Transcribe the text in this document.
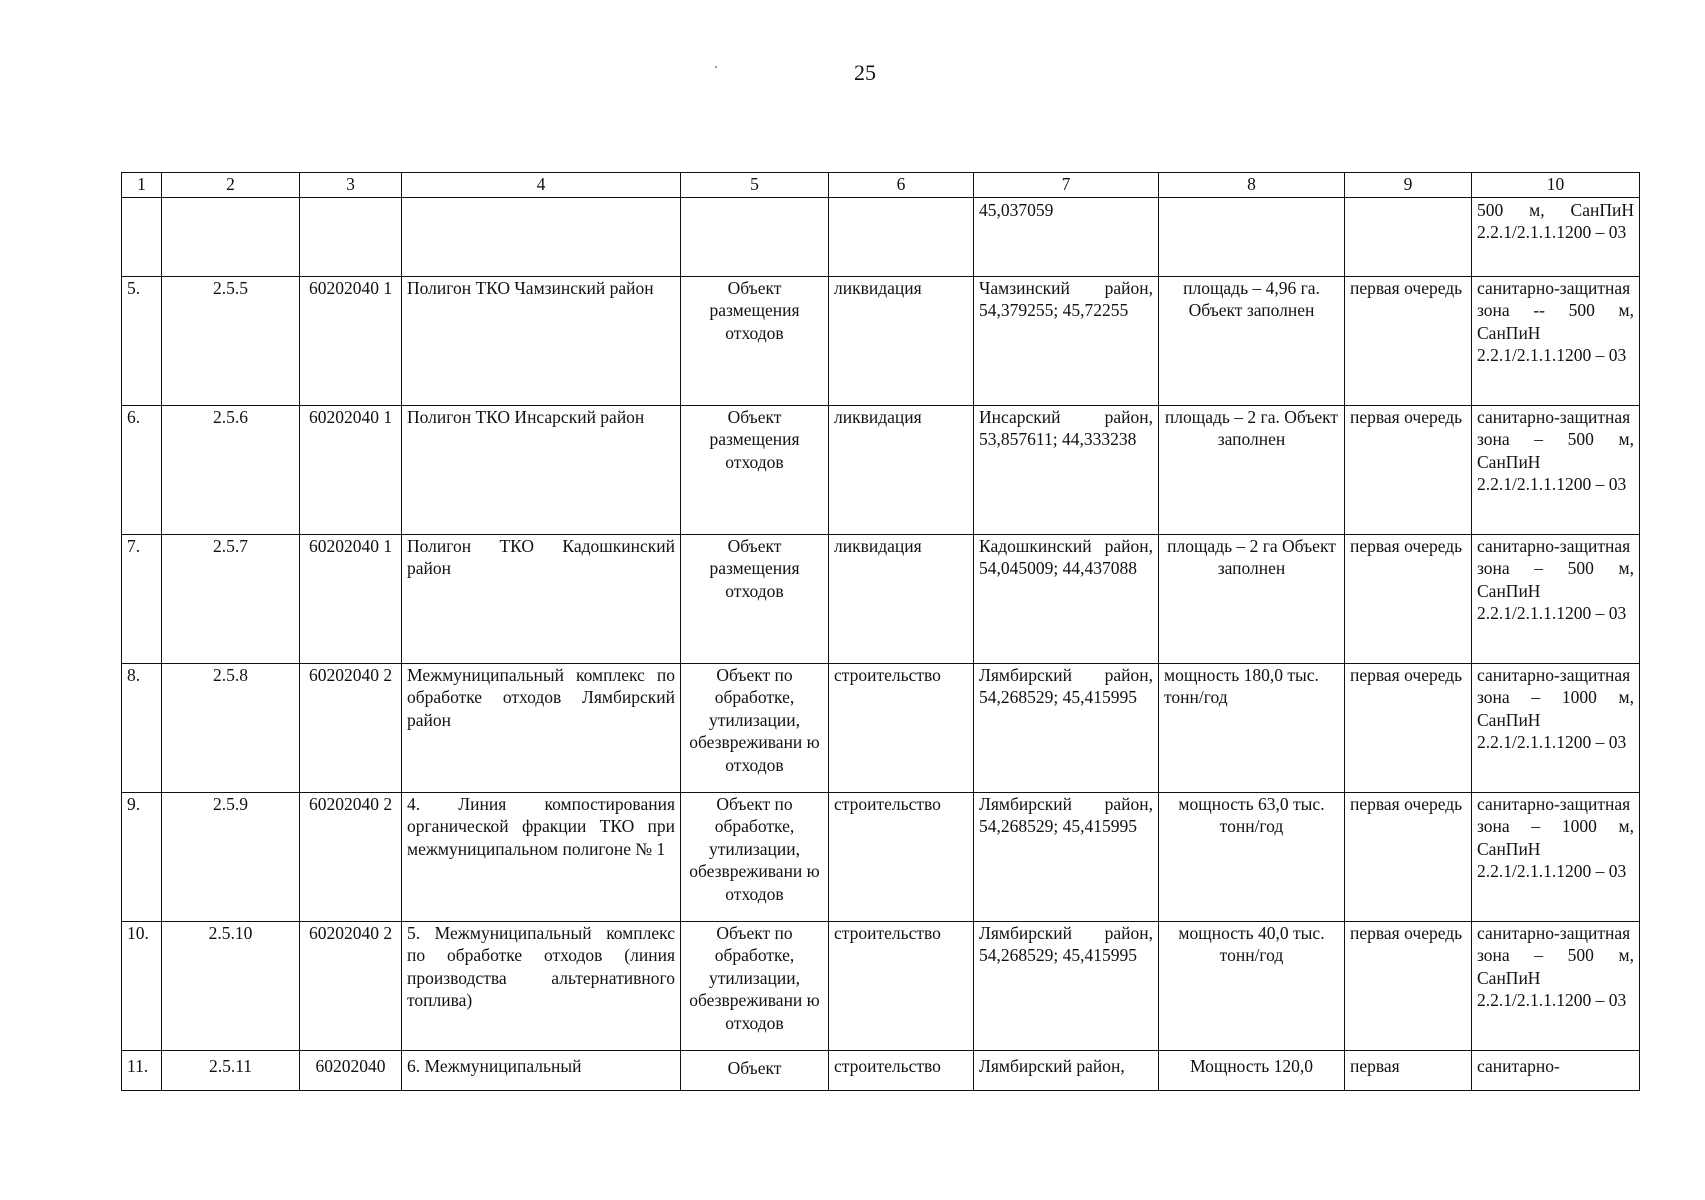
25
1	2	3	4	5	6	7	8	9	10
						45,037059			500 м, СанПиН 2.2.1/2.1.1.1200 – 03
5.	2.5.5	60202040 1	Полигон ТКО Чамзинский район	Объект размещения отходов	ликвидация	Чамзинский район, 54,379255; 45,72255	площадь – 4,96 га. Объект заполнен	первая очередь	санитарно-защитная зона -- 500 м, СанПиН 2.2.1/2.1.1.1200 – 03
6.	2.5.6	60202040 1	Полигон ТКО Инсарский район	Объект размещения отходов	ликвидация	Инсарский район, 53,857611; 44,333238	площадь – 2 га. Объект заполнен	первая очередь	санитарно-защитная зона – 500 м, СанПиН 2.2.1/2.1.1.1200 – 03
7.	2.5.7	60202040 1	Полигон ТКО Кадошкинский район	Объект размещения отходов	ликвидация	Кадошкинский район, 54,045009; 44,437088	площадь – 2 га Объект заполнен	первая очередь	санитарно-защитная зона – 500 м, СанПиН 2.2.1/2.1.1.1200 – 03
8.	2.5.8	60202040 2	Межмуниципальный комплекс по обработке отходов Лямбирский район	Объект по обработке, утилизации, обезвреживани ю отходов	строительство	Лямбирский район, 54,268529; 45,415995	мощность 180,0 тыс. тонн/год	первая очередь	санитарно-защитная зона – 1000 м, СанПиН 2.2.1/2.1.1.1200 – 03
9.	2.5.9	60202040 2	4. Линия компостирования органической фракции ТКО при межмуниципальном полигоне № 1	Объект по обработке, утилизации, обезвреживани ю отходов	строительство	Лямбирский район, 54,268529; 45,415995	мощность 63,0 тыс. тонн/год	первая очередь	санитарно-защитная зона – 1000 м, СанПиН 2.2.1/2.1.1.1200 – 03
10.	2.5.10	60202040 2	5. Межмуниципальный комплекс по обработке отходов (линия производства альтернативного топлива)	Объект по обработке, утилизации, обезвреживани ю отходов	строительство	Лямбирский район, 54,268529; 45,415995	мощность 40,0 тыс. тонн/год	первая очередь	санитарно-защитная зона – 500 м, СанПиН 2.2.1/2.1.1.1200 – 03
11.	2.5.11	60202040	6. Межмуниципальный	Объект	строительство	Лямбирский район,	Мощность 120,0	первая	санитарно-
